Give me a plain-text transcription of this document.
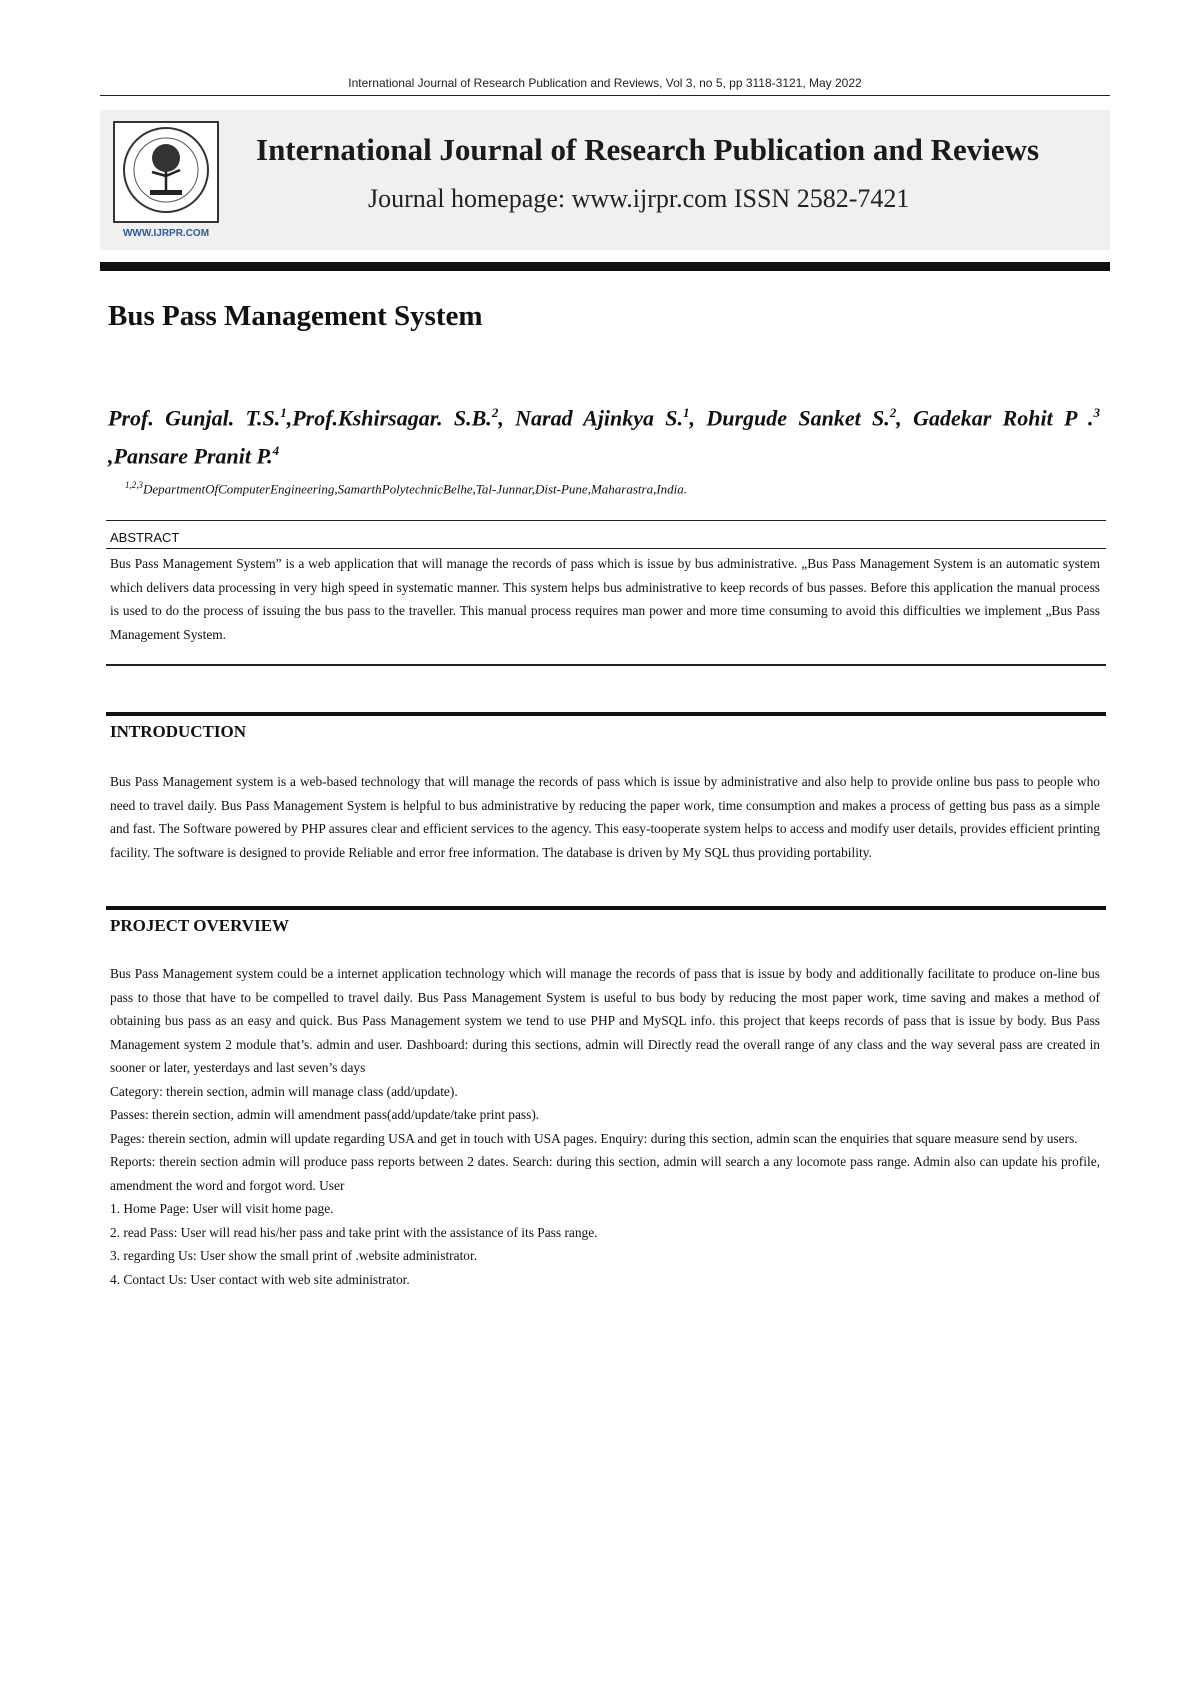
International Journal of Research Publication and Reviews, Vol 3, no 5, pp 3118-3121, May 2022
WWW.IJRPR.COM
International Journal of Research Publication and Reviews
Journal homepage: www.ijrpr.com ISSN 2582-7421
Bus Pass Management System
Prof. Gunjal. T.S.$^1$,Prof.Kshirsagar. S.B.$^2$, Narad Ajinkya S.$^1$, Durgude Sanket S.$^2$, Gadekar Rohit P .$^3$ ,Pansare Pranit P.$^4$
$^{1,2,3}$DepartmentOfComputerEngineering,SamarthPolytechnicBelhe,Tal-Junnar,Dist-Pune,Maharastra,India.
ABSTRACT
Bus Pass Management System” is a web application that will manage the records of pass which is issue by bus administrative. „Bus Pass Management System is an automatic system which delivers data processing in very high speed in systematic manner. This system helps bus administrative to keep records of bus passes. Before this application the manual process is used to do the process of issuing the bus pass to the traveller. This manual process requires man power and more time consuming to avoid this difficulties we implement „Bus Pass Management System.
INTRODUCTION
Bus Pass Management system is a web-based technology that will manage the records of pass which is issue by administrative and also help to provide online bus pass to people who need to travel daily. Bus Pass Management System is helpful to bus administrative by reducing the paper work, time consumption and makes a process of getting bus pass as a simple and fast. The Software powered by PHP assures clear and efficient services to the agency. This easy-tooperate system helps to access and modify user details, provides efficient printing facility. The software is designed to provide Reliable and error free information. The database is driven by My SQL thus providing portability.
PROJECT OVERVIEW
Bus Pass Management system could be a internet application technology which will manage the records of pass that is issue by body and additionally facilitate to produce on-line bus pass to those that have to be compelled to travel daily. Bus Pass Management System is useful to bus body by reducing the most paper work, time saving and makes a method of obtaining bus pass as an easy and quick. Bus Pass Management system we tend to use PHP and MySQL info. this project that keeps records of pass that is issue by body. Bus Pass Management system 2 module that’s. admin and user. Dashboard: during this sections, admin will Directly read the overall range of any class and the way several pass are created in sooner or later, yesterdays and last seven’s days
Category: therein section, admin will manage class (add/update).
Passes: therein section, admin will amendment pass(add/update/take print pass).
Pages: therein section, admin will update regarding USA and get in touch with USA pages. Enquiry: during this section, admin scan the enquiries that square measure send by users.
Reports: therein section admin will produce pass reports between 2 dates. Search: during this section, admin will search a any locomote pass range. Admin also can update his profile, amendment the word and forgot word. User
1. Home Page: User will visit home page.
2. read Pass: User will read his/her pass and take print with the assistance of its Pass range.
3. regarding Us: User show the small print of .website administrator.
4. Contact Us: User contact with web site administrator.
